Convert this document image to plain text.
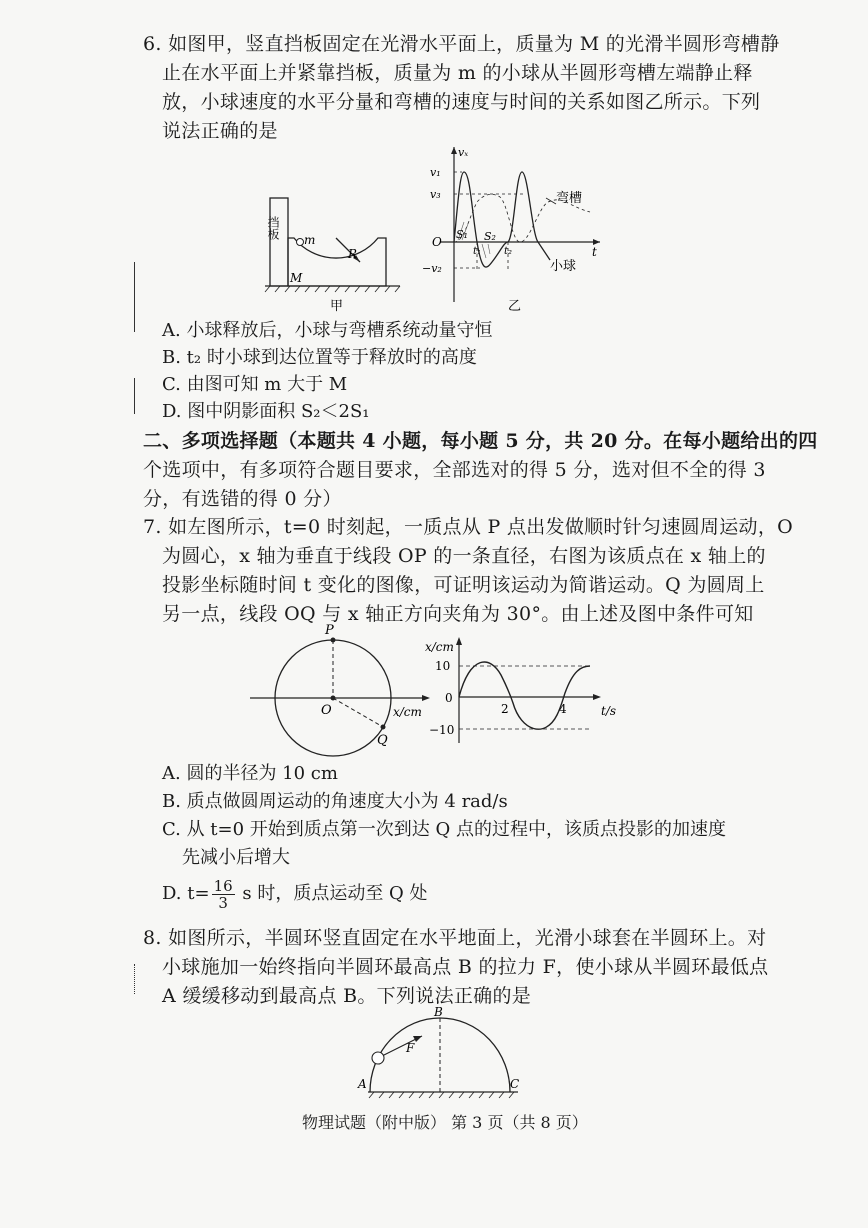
6. 如图甲，竖直挡板固定在光滑水平面上，质量为 M 的光滑半圆形弯槽静
止在水平面上并紧靠挡板，质量为 m 的小球从半圆形弯槽左端静止释
放，小球速度的水平分量和弯槽的速度与时间的关系如图乙所示。下列
说法正确的是
挡板 m
R
M
甲
vₓ
v₁
v₃
O
−v₂
S₁ S₂
t₁ t₂	t
弯槽
小球
乙
A. 小球释放后，小球与弯槽系统动量守恒
B. t₂ 时小球到达位置等于释放时的高度
C. 由图可知 m 大于 M
D. 图中阴影面积 S₂＜2S₁
二、多项选择题（本题共 4 小题，每小题 5 分，共 20 分。在每小题给出的四
个选项中，有多项符合题目要求，全部选对的得 5 分，选对但不全的得 3
分，有选错的得 0 分）
7. 如左图所示，t=0 时刻起，一质点从 P 点出发做顺时针匀速圆周运动，O
为圆心，x 轴为垂直于线段 OP 的一条直径，右图为该质点在 x 轴上的
投影坐标随时间 t 变化的图像，可证明该运动为简谐运动。Q 为圆周上
另一点，线段 OQ 与 x 轴正方向夹角为 30°。由上述及图中条件可知
P
O
Q
x/cm
x/cm
10
0
−10
2	4	t/s
A. 圆的半径为 10 cm
B. 质点做圆周运动的角速度大小为 4 rad/s
C. 从 t=0 开始到质点第一次到达 Q 点的过程中，该质点投影的加速度
先减小后增大
D. $t= \frac{16}{3}$ s 时，质点运动至 Q 处
8. 如图所示，半圆环竖直固定在水平地面上，光滑小球套在半圆环上。对
小球施加一始终指向半圆环最高点 B 的拉力 F，使小球从半圆环最低点
A 缓缓移动到最高点 B。下列说法正确的是
A
B
C
F
物理试题（附中版） 第 3 页（共 8 页）
